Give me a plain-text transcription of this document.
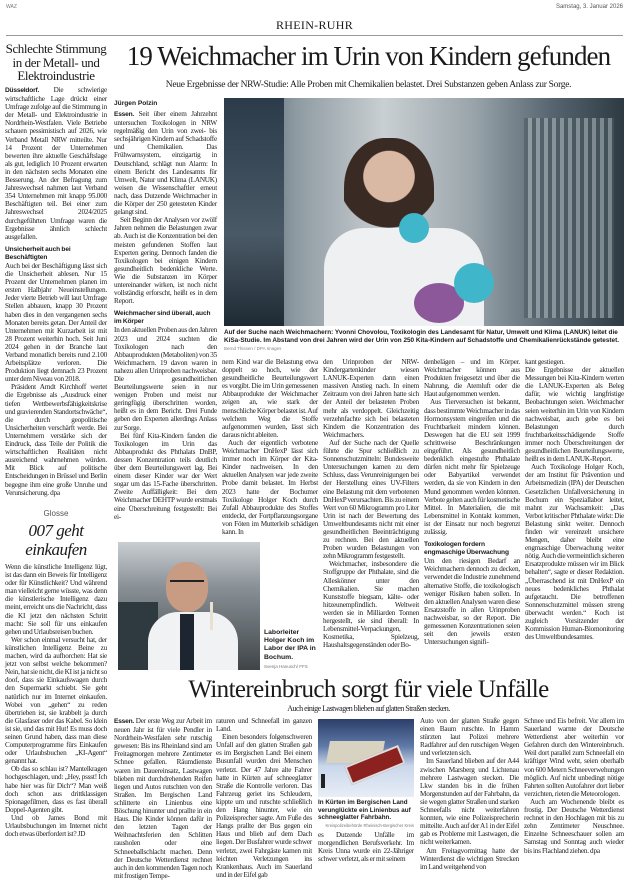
WAZ	Samstag, 3. Januar 2026
RHEIN-RUHR
Schlechte Stimmung in der Metall- und Elektroindustrie

Düsseldorf. Die schwierige wirtschaftliche Lage drückt einer Umfrage zufolge auf die Stimmung in der Metall- und Elektroindustrie in Nordrhein-Westfalen. Viele Betriebe schauen pessimistisch auf 2026, wie Verband Metall NRW mitteilte. Nur 14 Prozent der Unternehmen bewerten ihre aktuelle Geschäftslage als gut, lediglich 10 Prozent erwarten in den nächsten sechs Monaten eine Besserung. An der Befragung zum Jahreswechsel nahmen laut Verband 354 Unternehmen mit knapp 95.000 Beschäftigten teil. Bei einer zum Jahreswechsel 2024/2025 durchgeführten Umfrage waren die Ergebnisse ähnlich schlecht ausgefallen.

Unsicherheit auch bei Beschäftigten

Auch bei der Beschäftigung lässt sich die Unsicherheit ablesen. Nur 15 Prozent der Unternehmen planen im ersten Halbjahr Neueinstellungen. Jeder vierte Betrieb will laut Umfrage Stellen abbauen, knapp 30 Prozent haben dies in den vergangenen sechs Monaten bereits getan. Der Anteil der Unternehmen mit Kurzarbeit ist mit 28 Prozent weiterhin hoch. Seit Juni 2024 gehen in der Branche laut Verband monatlich bereits rund 2.100 Arbeitsplätze verloren. Die Produktion liegt demnach 23 Prozent unter dem Niveau von 2018.

Präsident Arndt Kirchhoff wertet die Ergebnisse als „Ausdruck einer tiefen Wettbewerbsfähigkeitskrise und gravierenden Standortschwäche“, die durch geopolitische Unsicherheiten verschärft werde. Bei Unternehmern verstärke sich der Eindruck, dass Teile der Politik die wirtschaftlichen Realitäten nicht ausreichend wahrnehmen würden. Mit Blick auf politische Entscheidungen in Brüssel und Berlin begegne ihm eine große Unruhe und Verunsicherung. dpa

Glosse
007 geht einkaufen

Wenn die künstliche Intelligenz lügt, ist das dann ein Beweis für Intelligenz oder für Künstlichkeit? Und während man vielleicht gerne wüsste, was denn die künstlerische Intelligenz dazu meint, erreicht uns die Nachricht, dass die KI jetzt den nächsten Schritt macht: Sie soll für uns einkaufen gehen und Urlaubsreisen buchen.

Wer schon einmal versucht hat, der künstlichen Intelligenz Beine zu machen, wird da aufhorchen: Hat sie jetzt von selbst welche bekommen? Nein, hat sie nicht, die KI ist ja nicht so doof, dass sie Einkaufswagen durch den Supermarkt schiebt. Sie geht natürlich nur im Internet einkaufen. Wobei von „gehen“ zu reden übertrieben ist, sie krabbelt ja durch die Glasfaser oder das Kabel. So klein ist sie, und das mit Hut! Es muss doch seinen Grund haben, dass man diese Computerprogramme fürs Einkaufen oder Urlaubsbuchen „KI-Agent“ genannt hat.

Ob das so schlau ist? Mantelkragen hochgeschlagen, und: „Hey, pssst! Ich habe hier was für Dich“? Man weiß doch schon aus drittklassigen Spionagefilmen, dass es fast überall Doppel-Agenten gibt.

Und ob James Bond mit Urlaubsbuchungen im Internet nicht doch etwas überfordert ist? JD

19 Weichmacher im Urin von Kindern gefunden
Neue Ergebnisse der NRW-Studie: Alle Proben mit Chemikalien belastet. Drei Substanzen geben Anlass zur Sorge.
Jürgen Polzin
Auf der Suche nach Weichmachern: Yvonni Chovolou, Toxikologin des Landesamt für Natur, Umwelt und Klima (LANUK) leitet die KiSa-Studie. Im Abstand von drei Jahren wird der Urin von 250 Kita-Kindern auf Schadstoffe und Chemikalienrückstände getestet. Bernd Thissen / DPA Images

Essen. Seit über einem Jahrzehnt untersuchen Toxikologen in NRW regelmäßig den Urin von zwei- bis sechsjährigen Kindern auf Schadstoffe und Chemikalien. Das Frühwarnsystem, einzigartig in Deutschland, schlägt nun Alarm: In einem Bericht des Landesamts für Umwelt, Natur und Klima (LANUK) weisen die Wissenschaftler erneut nach, dass Dutzende Weichmacher in die Körper der 250 getesteten Kinder gelangt sind.

Seit Beginn der Analysen vor zwölf Jahren nehmen die Belastungen zwar ab. Auch ist die Konzentration bei den meisten gefundenen Stoffen laut Experten gering. Dennoch fanden die Toxikologen bei einigen Kindern gesundheitlich bedenkliche Werte. Wie die Substanzen im Körper untereinander wirken, ist noch nicht vollständig erforscht, heißt es in dem Report.

Weichmacher sind überall, auch im Körper

In den aktuellen Proben aus den Jahren 2023 und 2024 suchten die Toxikologen nach den Abbauprodukten (Metaboliten) von 35 Weichmachern. 19 davon waren in nahezu allen Urinproben nachweisbar. Die gesundheitlichen Beurteilungswerte seien in nur wenigen Proben und meist nur geringfügig überschritten worden, heißt es in dem Bericht. Drei Funde geben den Experten allerdings Anlass zur Sorge.

Bei fünf Kita-Kindern fanden die Toxikologen im Urin das Abbauprodukt des Phthalats DnBP, dessen Konzentration teils deutlich über dem Beurteilungswert lag. Bei einem dieser Kinder war der Wert sogar um das 15-Fache überschritten. Zweite Auffälligkeit: Bei dem Weichmacher DEHTP wurde erstmals eine Überschreitung festgestellt: Bei ei-

nem Kind war die Belastung etwa doppelt so hoch, wie der gesundheitliche Beurteilungswert es vorgibt. Die im Urin gemessenen Abbauprodukte der Weichmacher zeigen an, wie stark der menschliche Körper belastet ist. Auf welchem Weg die Stoffe aufgenommen wurden, lässt sich daraus nicht ableiten.

Auch der eigentlich verbotene Weichmacher DnHexP lässt sich immer noch im Körper der Kita-Kinder nachweisen. In den aktuellen Analysen war jede zweite Probe damit belastet. Im Herbst 2023 hatte der Bochumer Toxikologe Holger Koch durch Zufall Abbauprodukte des Stoffes entdeckt, der Fortpflanzungsorgane von Föten im Mutterleib schädigen kann. In

den Urinproben der NRW-Kindergartenkinder wiesen LANUK-Experten dann einen massiven Anstieg nach. In einem Zeitraum von drei Jahren hatte sich der Anteil der belasteten Proben mehr als verdoppelt. Gleichzeitig verzehnfachte sich bei belasteten Kindern die Konzentration des Weichmachers.

Auf der Suche nach der Quelle führte die Spur schließlich zu Sonnenschutzmitteln: Bundesweite Untersuchungen kamen zu dem Schluss, dass Verunreinigungen bei der Herstellung eines UV-Filters eine Belastung mit dem verbotenen DnHexP verursachten. Bis zu einem Wert von 60 Mikrogramm pro Liter Urin ist nach der Bewertung des Umweltbundesamts nicht mit einer gesundheitlichen Beeinträchtigung zu rechnen. Bei den aktuellen Proben wurden Belastungen von zehn Mikrogramm festgestellt.

Weichmacher, insbesondere die Stoffgruppe der Phthalate, sind die Alleskönner unter den Chemikalien. Sie machen Kunststoffe biegsam, kälte- oder hitzeunempfindlich. Weltweit werden sie in Milliarden Tonnen hergestellt, sie sind überall: In Lebensmittel-Verpackungen, Kosmetika, Spielzeug, Haushaltsgegenständen oder Bo-

denbelägen – und im Körper. Weichmacher können aus Produkten freigesetzt und über die Nahrung, die Atemluft oder die Haut aufgenommen werden.

Aus Tierversuchen ist bekannt, dass bestimmte Weichmacher in das Hormonsystem eingreifen und die Fruchtbarkeit mindern können. Deswegen hat die EU seit 1999 schrittweise Beschränkungen eingeführt. Als gesundheitlich bedenklich eingestufte Phthalate dürfen nicht mehr für Spielzeuge oder Babyartikel verwendet werden, da sie von Kindern in den Mund genommen werden könnten. Verbote gelten auch für kosmetische Mittel. In Materialien, die mit Lebensmittel in Kontakt kommen, ist der Einsatz nur noch begrenzt zulässig.

Toxikologen fordern engmaschige Überwachung

Um den riesigen Bedarf an Weichmachern dennoch zu decken, verwendet die Industrie zunehmend alternative Stoffe, die toxikologisch weniger Risiken haben sollen. In den aktuellen Analysen waren diese Ersatzstoffe in allen Urinproben nachweisbar, so der Report. Die gemessenen Konzentrationen seien seit den jeweils ersten Untersuchungen signifi-

kant gestiegen.

Die Ergebnisse der aktuellen Messungen bei Kita-Kindern werten die LANUK-Experten als Beleg dafür, wie wichtig langfristige Beobachtungen seien. Weichmacher seien weiterhin im Urin von Kindern nachweisbar, auch gebe es bei Belastungen durch fruchtbarkeitsschädigende Stoffe immer noch Überschreitungen der gesundheitlichen Beurteilungswerte, heißt es in dem LANUK-Report.

Auch Toxikologe Holger Koch, der am Institut für Prävention und Arbeitsmedizin (IPA) der Deutschen Gesetzlichen Unfallversicherung in Bochum ein Speziallabor leitet, mahnt zur Wachsamkeit: „Das Verbot kritischer Phthalate wirkt: Die Belastung sinkt weiter. Dennoch finden wir vereinzelt unsichere Mengen, daher bleibt eine engmaschige Überwachung weiter nötig. Auch die vermeintlich sicheren Ersatzprodukte müssen wir im Blick behalten“, sagte er dieser Redaktion. „Überraschend ist mit DnHexP ein neues bedenkliches Phthalat aufgetaucht. Die betroffenen Sonnenschutzmittel müssen streng überwacht werden.“ Koch ist zugleich Vorsitzender der Kommission Human-Biomonitoring des Umweltbundesamtes.

Laborleiter Holger Koch im Labor der IPA in Bochum.
Svenja Hanusch/ FFS
Wintereinbruch sorgt für viele Unfälle
Auch einige Lastwagen blieben auf glatten Straßen stecken.

Essen. Der erste Weg zur Arbeit im neuen Jahr ist für viele Pendler in Nordrhein-Westfalen sehr rutschig gewesen: Bis ins Rheinland sind am Freitagmorgen mehrere Zentimeter Schnee gefallen. Räumdienste waren im Dauereinsatz, Lastwagen blieben mit durchdrehenden Reifen liegen und Autos rutschten von den Straßen. Im Bergischen Land schlitterte ein Linienbus eine Böschung hinunter und prallte in ein Haus. Die Kinder können dafür in den letzten Tagen der Weihnachtsferien den Schlitten rausholen oder eine Schneeballschlacht machen. Denn der Deutsche Wetterdienst rechnet auch in den kommenden Tagen noch mit frostigen Tempe-

raturen und Schneefall im ganzen Land.

Einen besonders folgenschweren Unfall auf den glatten Straßen gab es im Bergischen Land: Bei einem Busunfall wurden drei Menschen verletzt. Der 47 Jahre alte Fahrer hatte in Kürten auf schneeglatter Straße die Kontrolle verloren. Das Fahrzeug geriet ins Schleudern, kippte um und rutschte schließlich den Hang hinunter, wie ein Polizeisprecher sagte. Am Fuße des Hangs prallte der Bus gegen ein Haus und blieb auf dem Dach liegen. Der Busfahrer wurde schwer verletzt, zwei Fahrgäste kamen mit leichten Verletzungen ins Krankenhaus. Auch im Sauerland und in der Eifel gab

In Kürten im Bergischen Land verunglückte ein Linienbus auf schneeglatter Fahrbahn.
Kreispolizeibehörde Rheinisch-Bergischer Kreis

es Dutzende Unfälle im morgendlichen Berufsverkehr. Im Kreis Unna wurde ein 22-Jähriger schwer verletzt, als er mit seinem

Auto von der glatten Straße gegen einen Baum rutschte. In Hamm stürzten laut Polizei mehrere Radfahrer auf den rutschigen Wegen und verletzten sich.

Im Sauerland blieben auf der A44 zwischen Marsberg und Lichtenau mehrere Lastwagen stecken. Die Lkw standen bis in die frühen Morgenstunden auf der Fahrbahn, da sie wegen glatter Straßen und starken Schneefalls nicht weiterfahren konnten, wie eine Polizeisprecherin mitteilte. Auch auf der A1 in der Eifel gab es Probleme mit Lastwagen, die nicht weiterkamen.

Am Freitagvormittag hatte der Winterdienst die wichtigen Strecken im Land weitgehend von

Schnee und Eis befreit. Vor allem im Sauerland warnte der Deutsche Wetterdienst aber weiterhin vor Gefahren durch den Wintereinbruch. Weil dort parallel zum Schneefall ein kräftiger Wind weht, seien oberhalb von 600 Metern Schneeverwehungen möglich. Auf nicht unbedingt nötige Fahrten sollten Autofahrer dort lieber verzichten, rieten die Meteorologen.

Auch am Wochenende bleibt es frostig. Der Deutsche Wetterdienst rechnet in den Hochlagen mit bis zu zehn Zentimeter Neuschnee. Einzelne Schneeschauer sollen am Samstag und Sonntag auch wieder bis ins Flachland ziehen. dpa
